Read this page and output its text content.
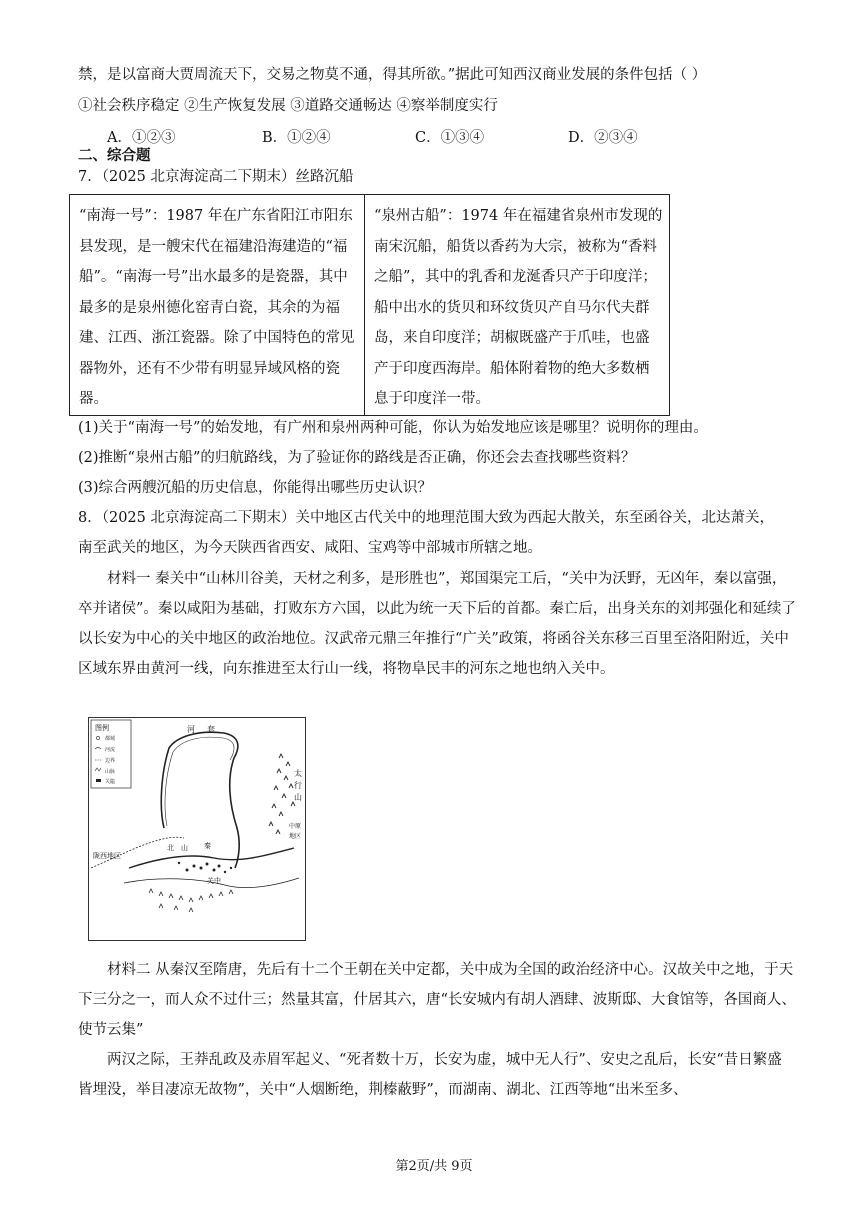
禁，是以富商大贾周流天下，交易之物莫不通，得其所欲。”据此可知西汉商业发展的条件包括（ ）
①社会秩序稳定 ②生产恢复发展 ③道路交通畅达 ④察举制度实行
A．①②③	B．①②④	C．①③④	D．②③④
二、综合题
7．（2025 北京海淀高二下期末）丝路沉船
“南海一号”：1987 年在广东省阳江市阳东县发现，是一艘宋代在福建沿海建造的“福船”。“南海一号”出水最多的是瓷器，其中最多的是泉州德化窑青白瓷，其余的为福建、江西、浙江瓷器。除了中国特色的常见器物外，还有不少带有明显异域风格的瓷器。
“泉州古船”：1974 年在福建省泉州市发现的南宋沉船，船货以香药为大宗，被称为“香料之船”，其中的乳香和龙涎香只产于印度洋；船中出水的货贝和环纹货贝产自马尔代夫群岛，来自印度洋；胡椒既盛产于爪哇，也盛产于印度西海岸。船体附着物的绝大多数栖息于印度洋一带。
(1)关于“南海一号”的始发地，有广州和泉州两种可能，你认为始发地应该是哪里？说明你的理由。
(2)推断“泉州古船”的归航路线，为了验证你的路线是否正确，你还会去查找哪些资料？
(3)综合两艘沉船的历史信息，你能得出哪些历史认识？
8．（2025 北京海淀高二下期末）关中地区古代关中的地理范围大致为西起大散关，东至函谷关，北达萧关，
南至武关的地区，为今天陕西省西安、咸阳、宝鸡等中部城市所辖之地。
材料一 秦关中“山林川谷美，天材之利多，是形胜也”，郑国渠完工后，“关中为沃野，无凶年，秦以富强，卒并诸侯”。秦以咸阳为基础，打败东方六国，以此为统一天下后的首都。秦亡后，出身关东的刘邦强化和延续了以长安为中心的关中地区的政治地位。汉武帝元鼎三年推行“广关”政策，将函谷关东移三百里至洛阳附近，关中区域东界由黄河一线，向东推进至太行山一线，将物阜民丰的河东之地也纳入关中。
图例
都城
河流
边界
山脉
关隘
河 套
太
行
山
中原
地区
陇西地区
北 山 秦
关中
材料二 从秦汉至隋唐，先后有十二个王朝在关中定都，关中成为全国的政治经济中心。汉故关中之地，于天下三分之一，而人众不过什三；然量其富，什居其六，唐“长安城内有胡人酒肆、波斯邸、大食馆等，各国商人、使节云集”
两汉之际，王莽乱政及赤眉军起义、“死者数十万，长安为虚，城中无人行”、安史之乱后，长安“昔日繁盛皆埋没，举目凄凉无故物”，关中“人烟断绝，荆榛蔽野”，而湖南、湖北、江西等地“出米至多、
第2页/共 9页
